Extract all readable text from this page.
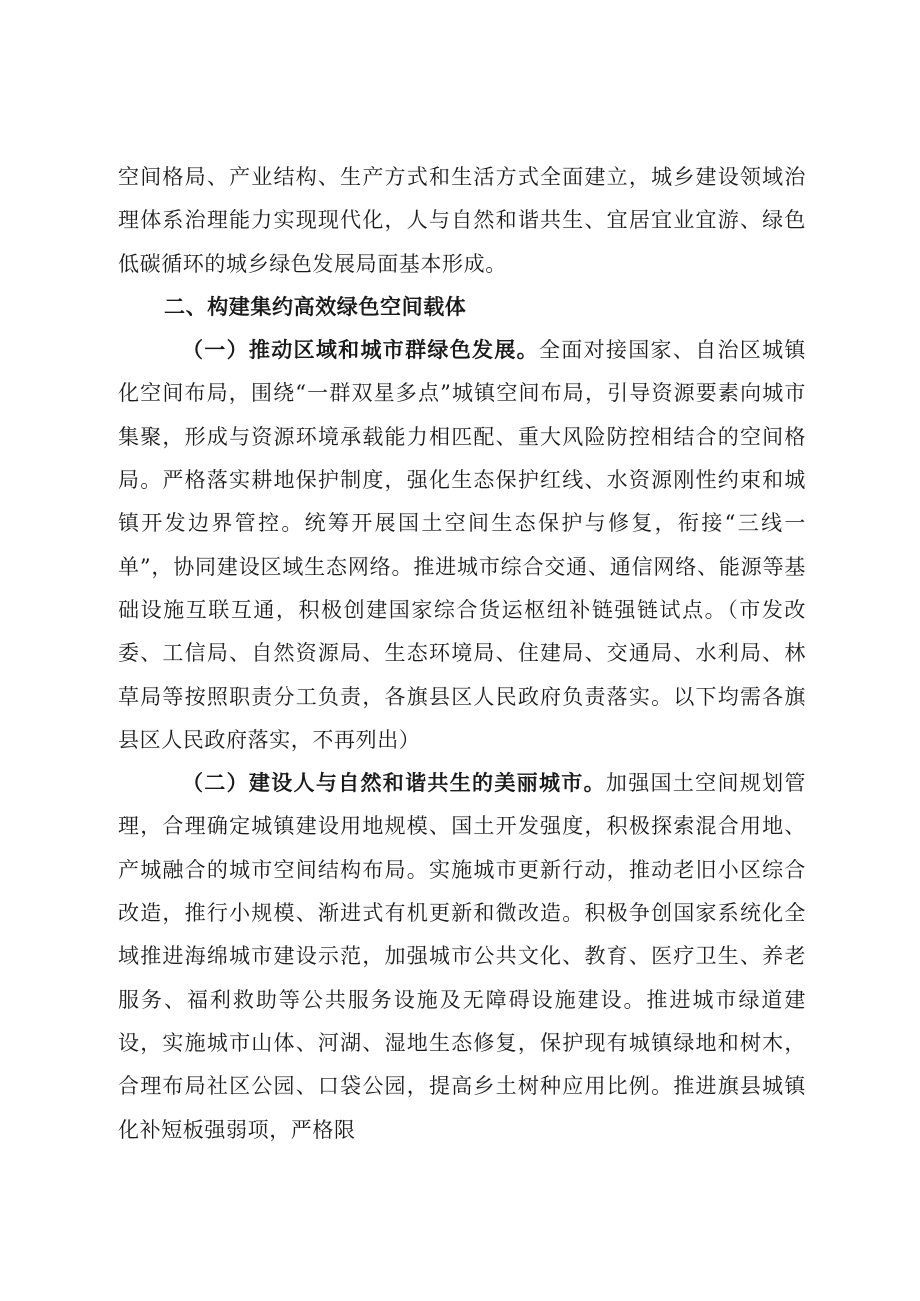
空间格局、产业结构、生产方式和生活方式全面建立，城乡建设领域治理体系治理能力实现现代化，人与自然和谐共生、宜居宜业宜游、绿色低碳循环的城乡绿色发展局面基本形成。

二、构建集约高效绿色空间载体

（一）推动区域和城市群绿色发展。全面对接国家、自治区城镇化空间布局，围绕“一群双星多点”城镇空间布局，引导资源要素向城市集聚，形成与资源环境承载能力相匹配、重大风险防控相结合的空间格局。严格落实耕地保护制度，强化生态保护红线、水资源刚性约束和城镇开发边界管控。统筹开展国土空间生态保护与修复，衔接“三线一单”，协同建设区域生态网络。推进城市综合交通、通信网络、能源等基础设施互联互通，积极创建国家综合货运枢纽补链强链试点。（市发改委、工信局、自然资源局、生态环境局、住建局、交通局、水利局、林草局等按照职责分工负责，各旗县区人民政府负责落实。以下均需各旗县区人民政府落实，不再列出）

（二）建设人与自然和谐共生的美丽城市。加强国土空间规划管理，合理确定城镇建设用地规模、国土开发强度，积极探索混合用地、产城融合的城市空间结构布局。实施城市更新行动，推动老旧小区综合改造，推行小规模、渐进式有机更新和微改造。积极争创国家系统化全域推进海绵城市建设示范，加强城市公共文化、教育、医疗卫生、养老服务、福利救助等公共服务设施及无障碍设施建设。推进城市绿道建设，实施城市山体、河湖、湿地生态修复，保护现有城镇绿地和树木，合理布局社区公园、口袋公园，提高乡土树种应用比例。推进旗县城镇化补短板强弱项，严格限
